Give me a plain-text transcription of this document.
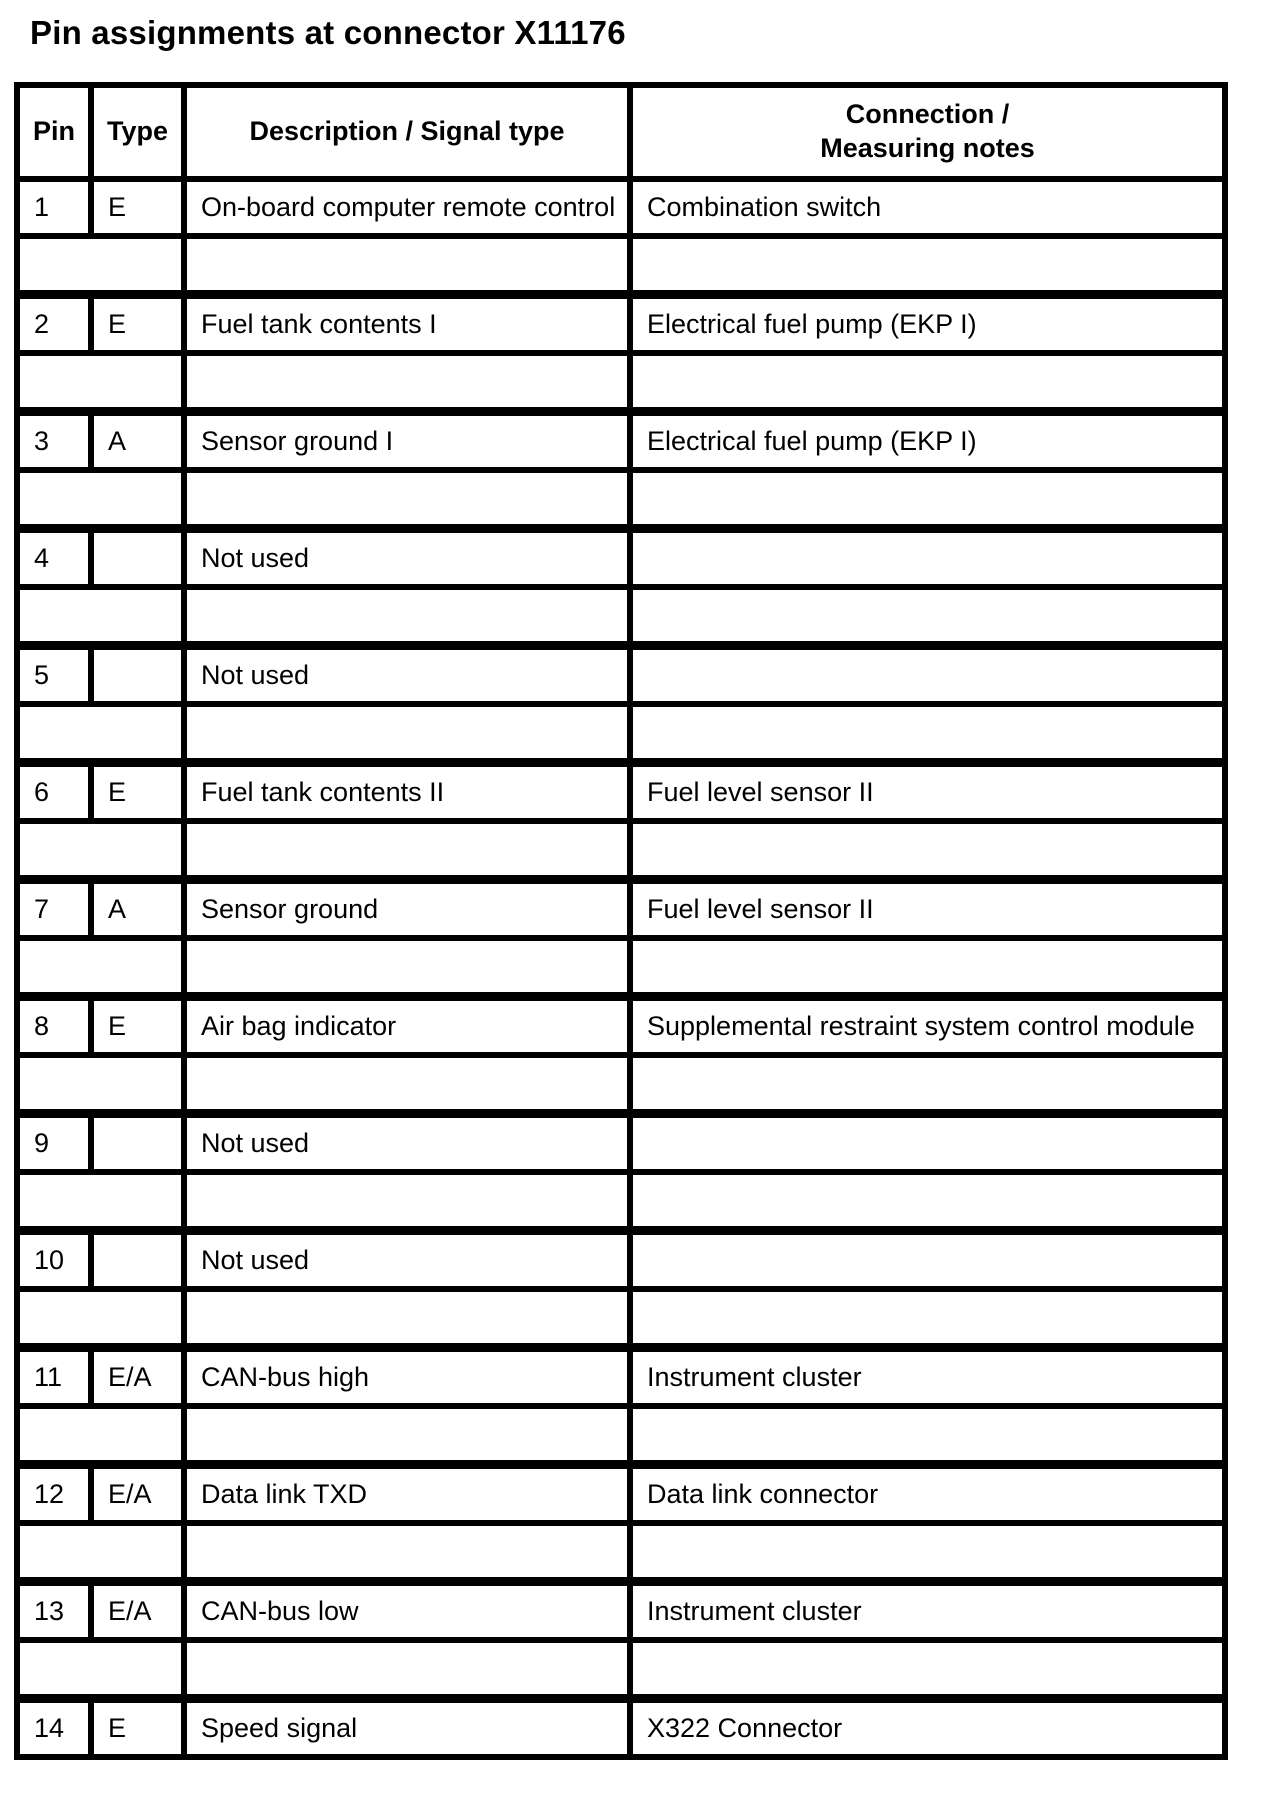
Pin assignments at connector X11176
Pin	Type	Description / Signal type	Connection /
Measuring notes

1	E	On-board computer remote control	Combination switch

2	E	Fuel tank contents I	Electrical fuel pump (EKP I)

3	A	Sensor ground I	Electrical fuel pump (EKP I)

4		Not used	

5		Not used	

6	E	Fuel tank contents II	Fuel level sensor II

7	A	Sensor ground	Fuel level sensor II

8	E	Air bag indicator	Supplemental restraint system control module

9		Not used	

10		Not used	

11	E/A	CAN-bus high	Instrument cluster

12	E/A	Data link TXD	Data link connector

13	E/A	CAN-bus low	Instrument cluster

14	E	Speed signal	X322 Connector
